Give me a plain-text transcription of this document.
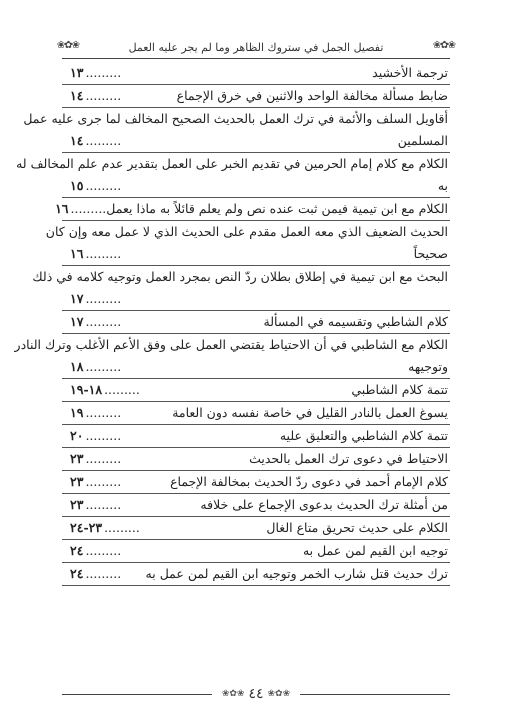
❀✿❀	تفصيل الجمل في ستروك الظاهر وما لم يجر عليه العمل	❀✿❀
ترجمة الأخشيد
..... ١٣
ضابط مسألة مخالفة الواحد والاثنين في خرق الإجماع
..... ١٤
أقاويل السلف والأئمة في ترك العمل بالحديث الصحيح المخالف لما جرى عليه عمل
المسلمين
..... ١٤
الكلام مع كلام إمام الحرمين في تقديم الخبر على العمل بتقدير عدم علم المخالف له
به
..... ١٥
الكلام مع ابن تيمية فيمن ثبت عنده نص ولم يعلم قائلاً به ماذا يعمل
..... ١٦
الحديث الضعيف الذي معه العمل مقدم على الحديث الذي لا عمل معه وإن كان
صحيحاً
..... ١٦
البحث مع ابن تيمية في إطلاق بطلان ردّ النص بمجرد العمل وتوجيه كلامه في ذلك
..... ١٧
كلام الشاطبي وتقسيمه في المسألة
..... ١٧
الكلام مع الشاطبي في أن الاحتياط يقتضي العمل على وفق الأعم الأغلب وترك النادر
وتوجيهه
..... ١٨
تتمة كلام الشاطبي
..... ١٨-١٩
يسوغ العمل بالنادر القليل في خاصة نفسه دون العامة
..... ١٩
تتمة كلام الشاطبي والتعليق عليه
..... ٢٠
الاحتياط في دعوى ترك العمل بالحديث
..... ٢٣
كلام الإمام أحمد في دعوى ردّ الحديث بمخالفة الإجماع
..... ٢٣
من أمثلة ترك الحديث بدعوى الإجماع على خلافه
..... ٢٣
الكلام على حديث تحريق متاع الغال
..... ٢٣-٢٤
توجيه ابن القيم لمن عمل به
..... ٢٤
ترك حديث قتل شارب الخمر وتوجيه ابن القيم لمن عمل به
..... ٢٤
❀✿❀ ٤٤ ❀✿❀
